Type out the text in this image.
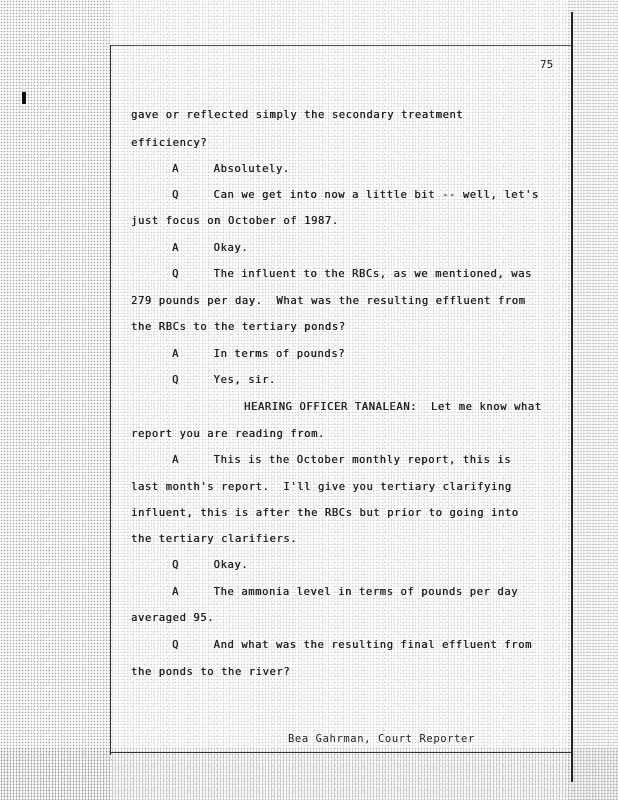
75
gave or reflected simply the secondary treatment
efficiency?
A     Absolutely.
Q     Can we get into now a little bit -- well, let's
just focus on October of 1987.
A     Okay.
Q     The influent to the RBCs, as we mentioned, was
279 pounds per day.  What was the resulting effluent from
the RBCs to the tertiary ponds?
A     In terms of pounds?
Q     Yes, sir.
HEARING OFFICER TANALEAN:  Let me know what
report you are reading from.
A     This is the October monthly report, this is
last month's report.  I'll give you tertiary clarifying
influent, this is after the RBCs but prior to going into
the tertiary clarifiers.
Q     Okay.
A     The ammonia level in terms of pounds per day
averaged 95.
Q     And what was the resulting final effluent from
the ponds to the river?
Bea Gahrman, Court Reporter
